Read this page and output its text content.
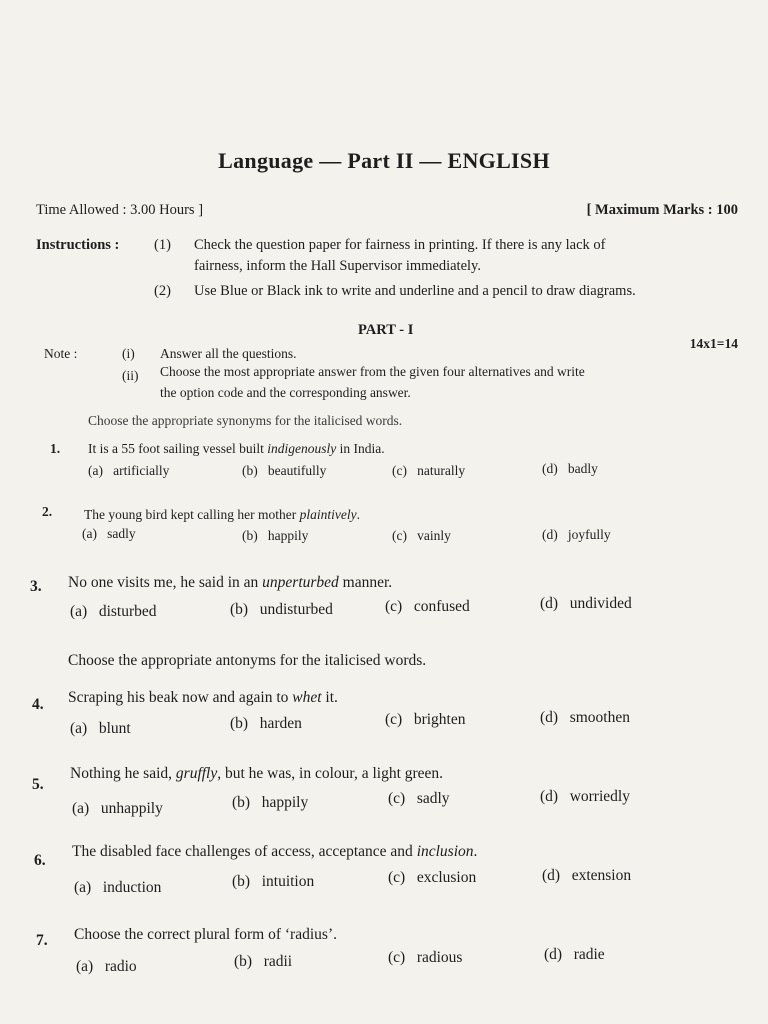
Language — Part II — ENGLISH
Time Allowed : 3.00 Hours ]	[ Maximum Marks : 100
Instructions : (1) Check the question paper for fairness in printing. If there is any lack of
fairness, inform the Hall Supervisor immediately.
(2) Use Blue or Black ink to write and underline and a pencil to draw diagrams.
PART - I
Note :
14x1=14
(i) Answer all the questions.
(ii) Choose the most appropriate answer from the given four alternatives and write
the option code and the corresponding answer.
Choose the appropriate synonyms for the italicised words.
1. It is a 55 foot sailing vessel built indigenously in India.
(a) artificially	(b) beautifully	(c) naturally	(d) badly
2. The young bird kept calling her mother plaintively.
(a) sadly	(b) happily	(c) vainly	(d) joyfully
3. No one visits me, he said in an unperturbed manner.
(a) disturbed	(b) undisturbed	(c) confused	(d) undivided
Choose the appropriate antonyms for the italicised words.
4. Scraping his beak now and again to whet it.
(a) blunt	(b) harden	(c) brighten	(d) smoothen
5.
Nothing he said, gruffly, but he was, in colour, a light green.
(a) unhappily	(b) happily	(c) sadly	(d) worriedly
6.
The disabled face challenges of access, acceptance and inclusion.
(a) induction	(b) intuition	(c) exclusion	(d) extension
7. Choose the correct plural form of ‘radius’.
(a) radio	(b) radii	(c) radious	(d) radie
